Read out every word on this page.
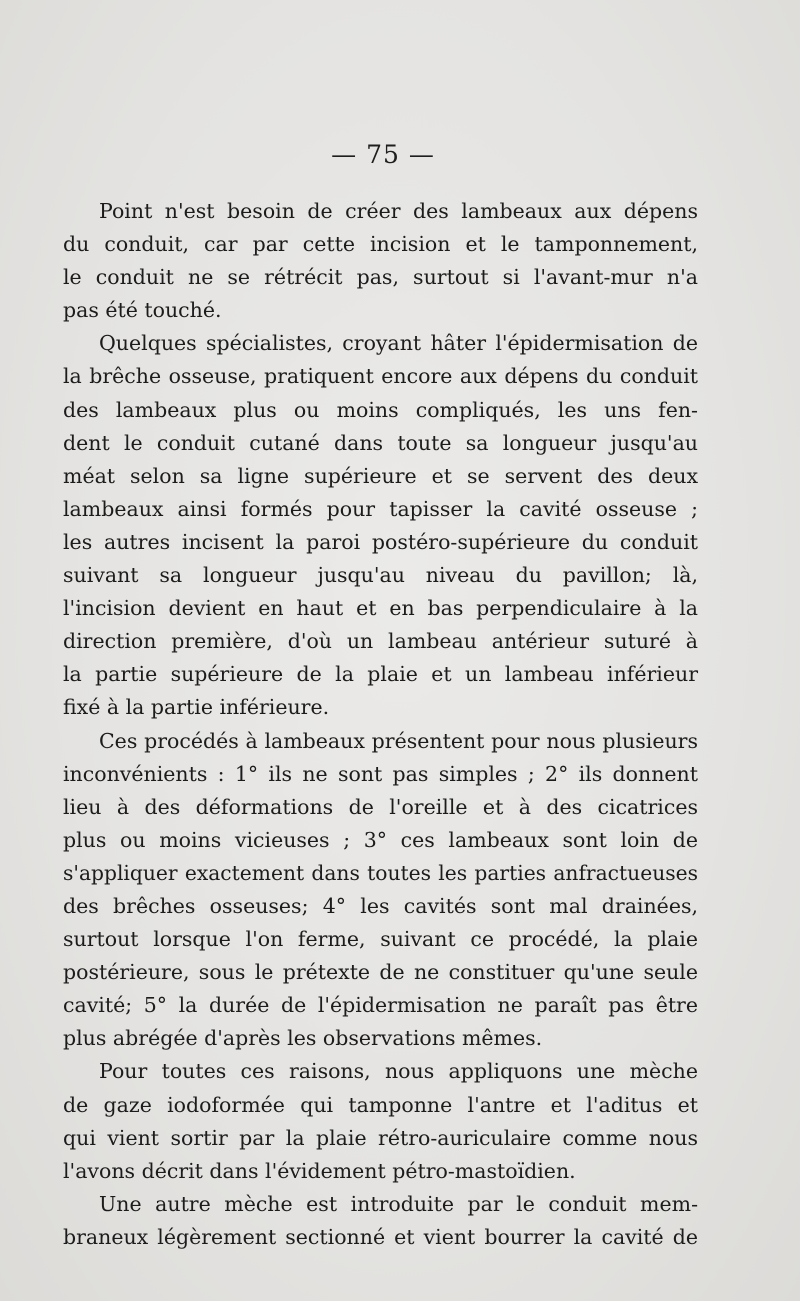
— 75 —

Point n'est besoin de créer des lambeaux aux dépens
du conduit, car par cette incision et le tamponnement,
le conduit ne se rétrécit pas, surtout si l'avant-mur n'a
pas été touché.

Quelques spécialistes, croyant hâter l'épidermisation de
la brêche osseuse, pratiquent encore aux dépens du conduit
des lambeaux plus ou moins compliqués, les uns fen-
dent le conduit cutané dans toute sa longueur jusqu'au
méat selon sa ligne supérieure et se servent des deux
lambeaux ainsi formés pour tapisser la cavité osseuse ;
les autres incisent la paroi postéro-supérieure du conduit
suivant sa longueur jusqu'au niveau du pavillon; là,
l'incision devient en haut et en bas perpendiculaire à la
direction première, d'où un lambeau antérieur suturé à
la partie supérieure de la plaie et un lambeau inférieur
fixé à la partie inférieure.

Ces procédés à lambeaux présentent pour nous plusieurs
inconvénients : 1° ils ne sont pas simples ; 2° ils donnent
lieu à des déformations de l'oreille et à des cicatrices
plus ou moins vicieuses ; 3° ces lambeaux sont loin de
s'appliquer exactement dans toutes les parties anfractueuses
des brêches osseuses; 4° les cavités sont mal drainées,
surtout lorsque l'on ferme, suivant ce procédé, la plaie
postérieure, sous le prétexte de ne constituer qu'une seule
cavité; 5° la durée de l'épidermisation ne paraît pas être
plus abrégée d'après les observations mêmes.

Pour toutes ces raisons, nous appliquons une mèche
de gaze iodoformée qui tamponne l'antre et l'aditus et
qui vient sortir par la plaie rétro-auriculaire comme nous
l'avons décrit dans l'évidement pétro-mastoïdien.

Une autre mèche est introduite par le conduit mem-
braneux légèrement sectionné et vient bourrer la cavité de
